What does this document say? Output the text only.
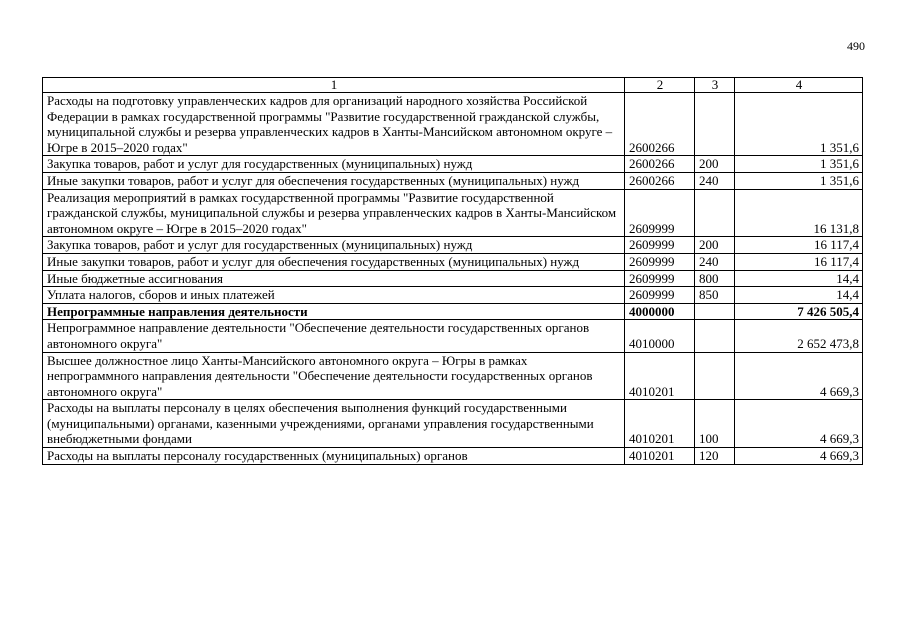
490
1	2	3	4
Расходы на подготовку управленческих кадров для организаций народного хозяйства Российской Федерации в рамках государственной программы "Развитие государственной гражданской службы, муниципальной службы и резерва управленческих кадров в Ханты-Мансийском автономном округе – Югре в 2015–2020 годах"	2600266		1 351,6
Закупка товаров, работ и услуг для государственных (муниципальных) нужд	2600266	200	1 351,6
Иные закупки товаров, работ и услуг для обеспечения государственных (муниципальных) нужд	2600266	240	1 351,6
Реализация мероприятий в рамках государственной программы "Развитие государственной гражданской службы, муниципальной службы и резерва управленческих кадров в Ханты-Мансийском автономном округе – Югре в 2015–2020 годах"	2609999		16 131,8
Закупка товаров, работ и услуг для государственных (муниципальных) нужд	2609999	200	16 117,4
Иные закупки товаров, работ и услуг для обеспечения государственных (муниципальных) нужд	2609999	240	16 117,4
Иные бюджетные ассигнования	2609999	800	14,4
Уплата налогов, сборов и иных платежей	2609999	850	14,4
Непрограммные направления деятельности	4000000		7 426 505,4
Непрограммное направление деятельности "Обеспечение деятельности государственных органов автономного округа"	4010000		2 652 473,8
Высшее должностное лицо Ханты-Мансийского автономного округа – Югры в рамках непрограммного направления деятельности "Обеспечение деятельности государственных органов автономного округа"	4010201		4 669,3
Расходы на выплаты персоналу в целях обеспечения выполнения функций государственными (муниципальными) органами, казенными учреждениями, органами управления государственными внебюджетными фондами	4010201	100	4 669,3
Расходы на выплаты персоналу государственных (муниципальных) органов	4010201	120	4 669,3
